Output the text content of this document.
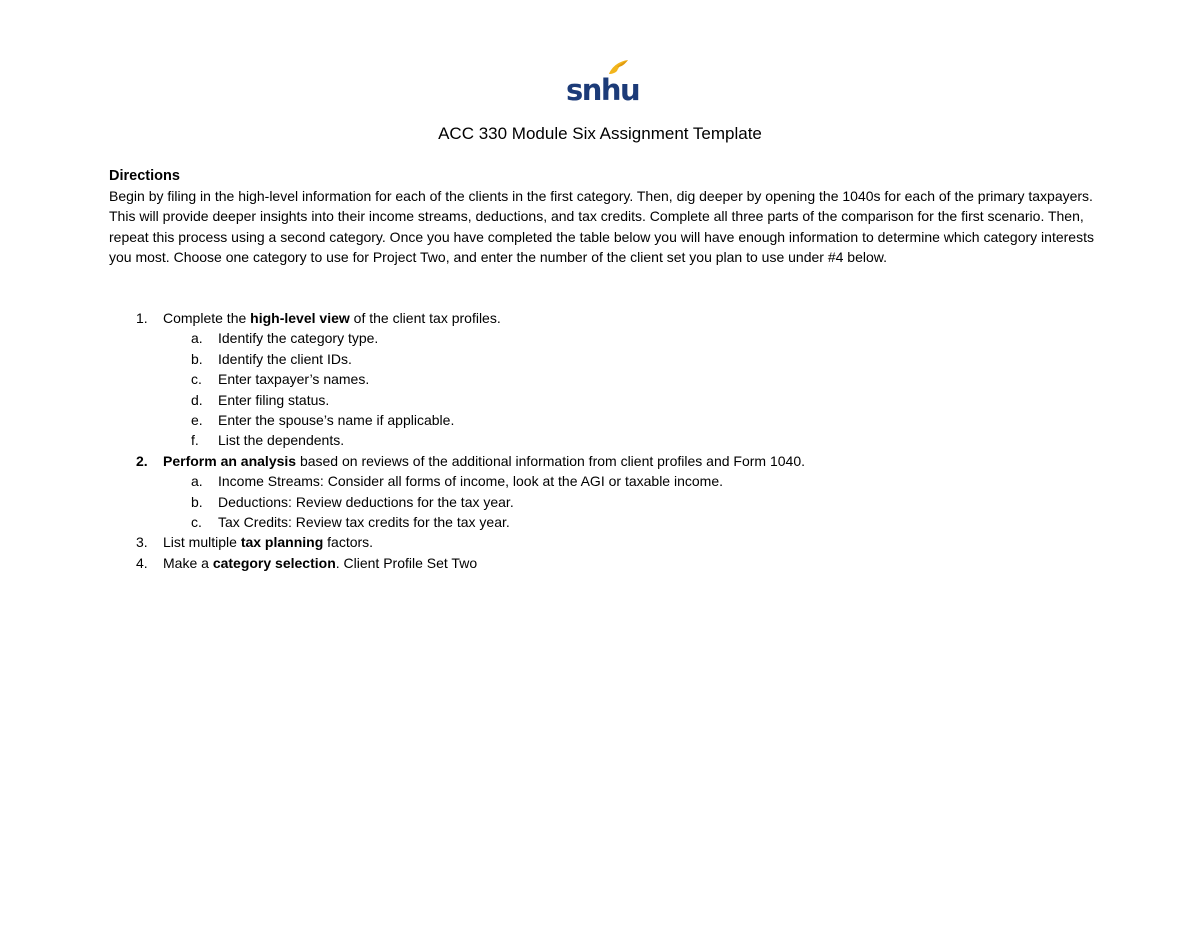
snhu
ACC 330 Module Six Assignment Template
Directions
Begin by filing in the high-level information for each of the clients in the first category. Then, dig deeper by opening the 1040s for each of the primary taxpayers. This will provide deeper insights into their income streams, deductions, and tax credits. Complete all three parts of the comparison for the first scenario. Then, repeat this process using a second category. Once you have completed the table below you will have enough information to determine which category interests you most. Choose one category to use for Project Two, and enter the number of the client set you plan to use under #4 below.
1. Complete the high-level view of the client tax profiles.
a. Identify the category type.
b. Identify the client IDs.
c. Enter taxpayer’s names.
d. Enter filing status.
e. Enter the spouse’s name if applicable.
f. List the dependents.
2. Perform an analysis based on reviews of the additional information from client profiles and Form 1040.
a. Income Streams: Consider all forms of income, look at the AGI or taxable income.
b. Deductions: Review deductions for the tax year.
c. Tax Credits: Review tax credits for the tax year.
3. List multiple tax planning factors.
4. Make a category selection. Client Profile Set Two
